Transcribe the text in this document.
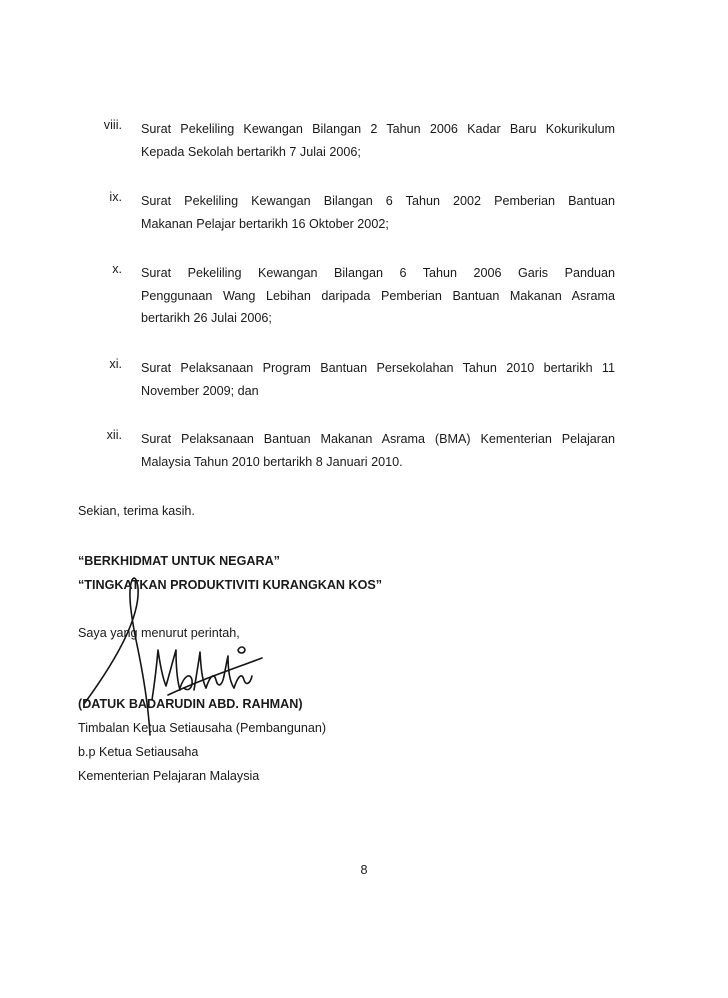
viii. Surat Pekeliling Kewangan Bilangan 2 Tahun 2006 Kadar Baru Kokurikulum
Kepada Sekolah bertarikh 7 Julai 2006;
ix. Surat Pekeliling Kewangan Bilangan 6 Tahun 2002 Pemberian Bantuan
Makanan Pelajar bertarikh 16 Oktober 2002;
x. Surat Pekeliling Kewangan Bilangan 6 Tahun 2006 Garis Panduan
Penggunaan Wang Lebihan daripada Pemberian Bantuan Makanan Asrama
bertarikh 26 Julai 2006;
xi. Surat Pelaksanaan Program Bantuan Persekolahan Tahun 2010 bertarikh 11
November 2009; dan
xii. Surat Pelaksanaan Bantuan Makanan Asrama (BMA) Kementerian Pelajaran
Malaysia Tahun 2010 bertarikh 8 Januari 2010.
Sekian, terima kasih.
“BERKHIDMAT UNTUK NEGARA”
“TINGKATKAN PRODUKTIVITI KURANGKAN KOS”
Saya yang menurut perintah,
(DATUK BADARUDIN ABD. RAHMAN)
Timbalan Ketua Setiausaha (Pembangunan)
b.p Ketua Setiausaha
Kementerian Pelajaran Malaysia
8
